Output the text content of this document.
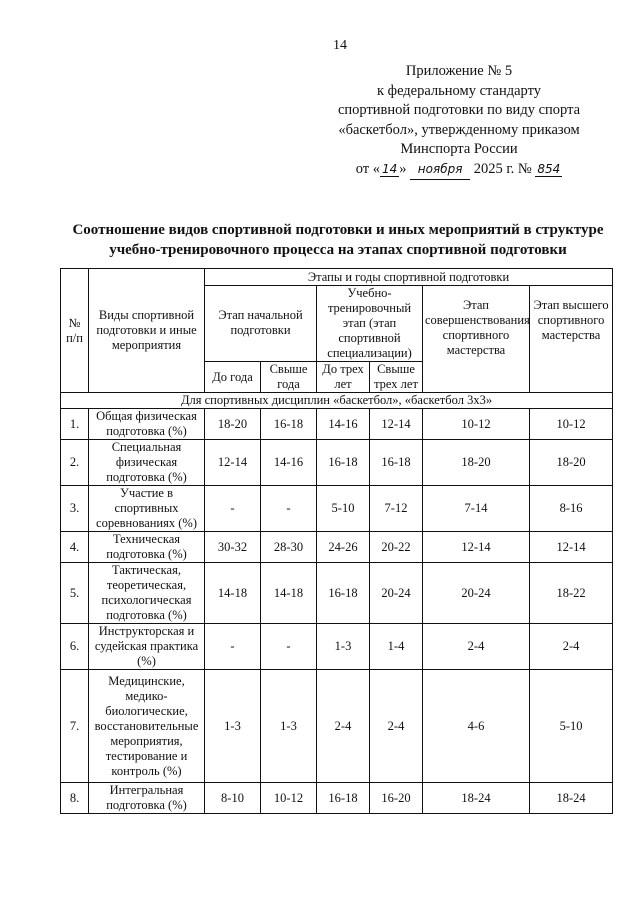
14
Приложение № 5
к федеральному стандарту
спортивной подготовки по виду спорта
«баскетбол», утвержденному приказом
Минспорта России
от « 14 » ноября 2025 г. № 854
Соотношение видов спортивной подготовки и иных мероприятий в структуре
учебно-тренировочного процесса на этапах спортивной подготовки
№ п/п	Виды спортивной подготовки и иные мероприятия	Этапы и годы спортивной подготовки					
		Этап начальной подготовки		Учебно-тренировочный этап (этап спортивной специализации)		Этап совершенствования спортивного мастерства	Этап высшего спортивного мастерства
		До года	Свыше года	До трех лет	Свыше трех лет		
Для спортивных дисциплин «баскетбол», «баскетбол 3х3»							
1.	Общая физическая подготовка (%)	18-20	16-18	14-16	12-14	10-12	10-12
2.	Специальная физическая подготовка (%)	12-14	14-16	16-18	16-18	18-20	18-20
3.	Участие в спортивных соревнованиях (%)	-	-	5-10	7-12	7-14	8-16
4.	Техническая подготовка (%)	30-32	28-30	24-26	20-22	12-14	12-14
5.	Тактическая, теоретическая, психологическая подготовка (%)	14-18	14-18	16-18	20-24	20-24	18-22
6.	Инструкторская и судейская практика (%)	-	-	1-3	1-4	2-4	2-4
7.	Медицинские, медико-биологические, восстановительные мероприятия, тестирование и контроль (%)	1-3	1-3	2-4	2-4	4-6	5-10
8.	Интегральная подготовка (%)	8-10	10-12	16-18	16-20	18-24	18-24
